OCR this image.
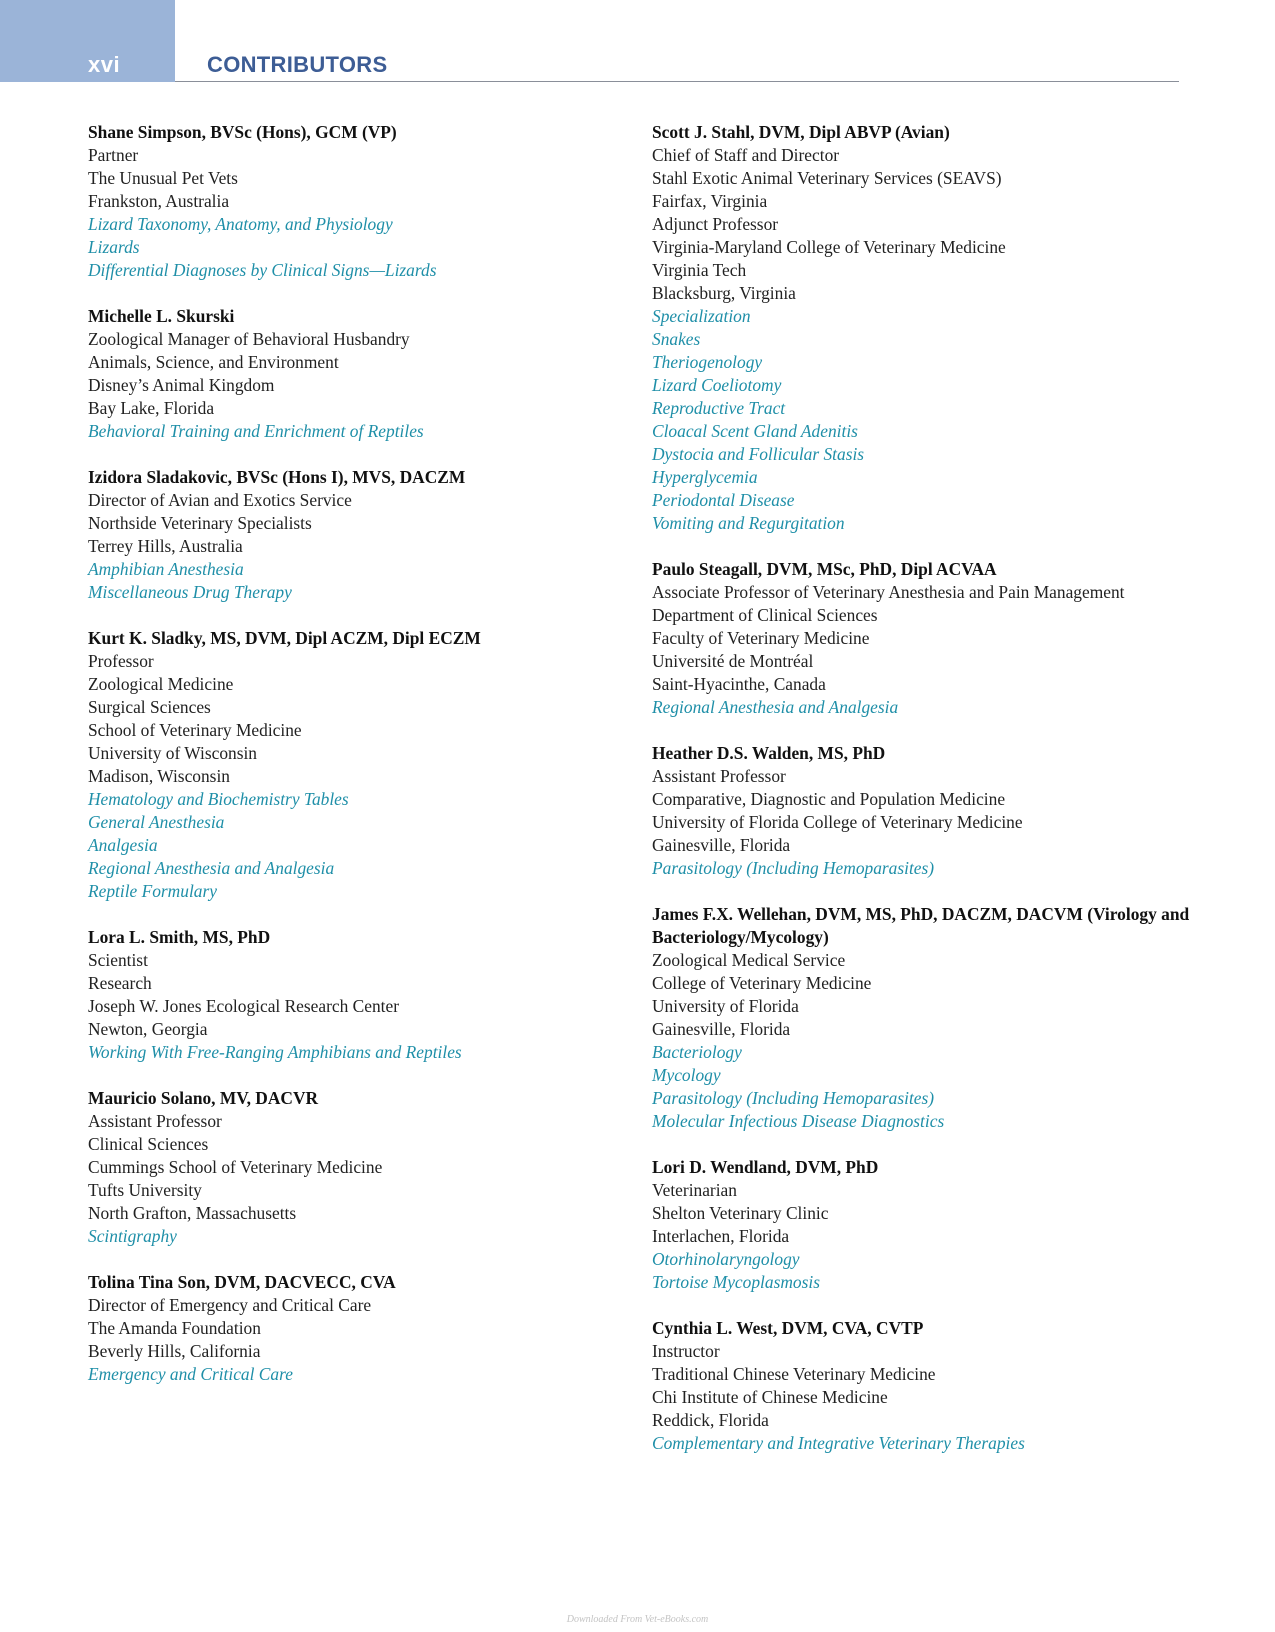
xvi	CONTRIBUTORS
Shane Simpson, BVSc (Hons), GCM (VP)
Partner
The Unusual Pet Vets
Frankston, Australia
Lizard Taxonomy, Anatomy, and Physiology
Lizards
Differential Diagnoses by Clinical Signs—Lizards
Michelle L. Skurski
Zoological Manager of Behavioral Husbandry
Animals, Science, and Environment
Disney’s Animal Kingdom
Bay Lake, Florida
Behavioral Training and Enrichment of Reptiles
Izidora Sladakovic, BVSc (Hons I), MVS, DACZM
Director of Avian and Exotics Service
Northside Veterinary Specialists
Terrey Hills, Australia
Amphibian Anesthesia
Miscellaneous Drug Therapy
Kurt K. Sladky, MS, DVM, Dipl ACZM, Dipl ECZM
Professor
Zoological Medicine
Surgical Sciences
School of Veterinary Medicine
University of Wisconsin
Madison, Wisconsin
Hematology and Biochemistry Tables
General Anesthesia
Analgesia
Regional Anesthesia and Analgesia
Reptile Formulary
Lora L. Smith, MS, PhD
Scientist
Research
Joseph W. Jones Ecological Research Center
Newton, Georgia
Working With Free-Ranging Amphibians and Reptiles
Mauricio Solano, MV, DACVR
Assistant Professor
Clinical Sciences
Cummings School of Veterinary Medicine
Tufts University
North Grafton, Massachusetts
Scintigraphy
Tolina Tina Son, DVM, DACVECC, CVA
Director of Emergency and Critical Care
The Amanda Foundation
Beverly Hills, California
Emergency and Critical Care
Scott J. Stahl, DVM, Dipl ABVP (Avian)
Chief of Staff and Director
Stahl Exotic Animal Veterinary Services (SEAVS)
Fairfax, Virginia
Adjunct Professor
Virginia-Maryland College of Veterinary Medicine
Virginia Tech
Blacksburg, Virginia
Specialization
Snakes
Theriogenology
Lizard Coeliotomy
Reproductive Tract
Cloacal Scent Gland Adenitis
Dystocia and Follicular Stasis
Hyperglycemia
Periodontal Disease
Vomiting and Regurgitation
Paulo Steagall, DVM, MSc, PhD, Dipl ACVAA
Associate Professor of Veterinary Anesthesia and Pain Management
Department of Clinical Sciences
Faculty of Veterinary Medicine
Université de Montréal
Saint-Hyacinthe, Canada
Regional Anesthesia and Analgesia
Heather D.S. Walden, MS, PhD
Assistant Professor
Comparative, Diagnostic and Population Medicine
University of Florida College of Veterinary Medicine
Gainesville, Florida
Parasitology (Including Hemoparasites)
James F.X. Wellehan, DVM, MS, PhD, DACZM, DACVM (Virology and Bacteriology/Mycology)
Zoological Medical Service
College of Veterinary Medicine
University of Florida
Gainesville, Florida
Bacteriology
Mycology
Parasitology (Including Hemoparasites)
Molecular Infectious Disease Diagnostics
Lori D. Wendland, DVM, PhD
Veterinarian
Shelton Veterinary Clinic
Interlachen, Florida
Otorhinolaryngology
Tortoise Mycoplasmosis
Cynthia L. West, DVM, CVA, CVTP
Instructor
Traditional Chinese Veterinary Medicine
Chi Institute of Chinese Medicine
Reddick, Florida
Complementary and Integrative Veterinary Therapies
Downloaded From Vet-eBooks.com
